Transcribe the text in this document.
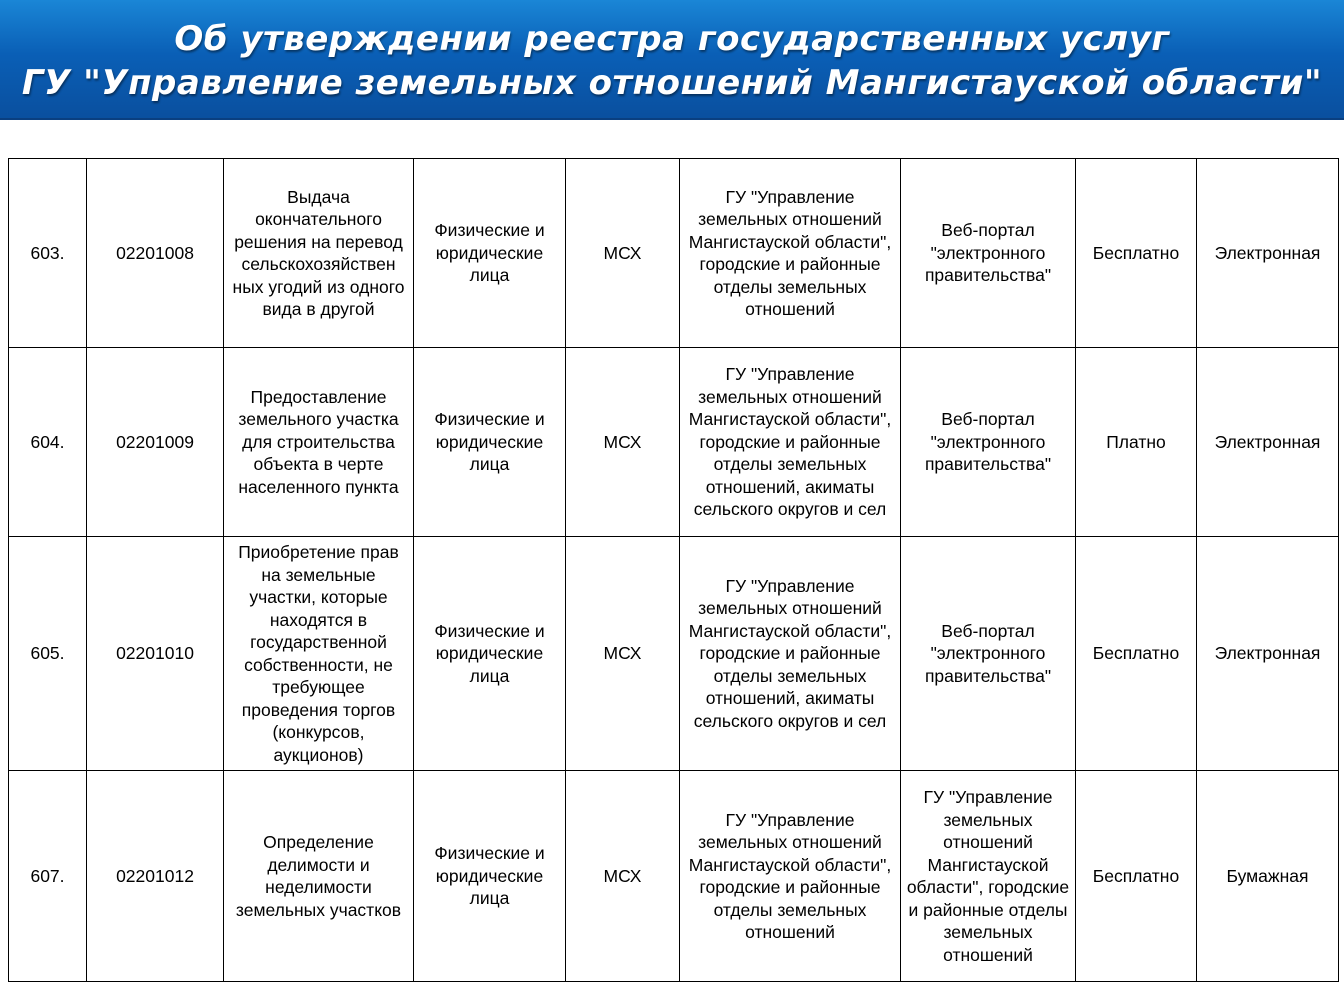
Об утверждении реестра государственных услуг
ГУ "Управление земельных отношений Мангистауской области"
603.	02201008	Выдача окончательного решения на перевод сельскохозяйствен ных угодий из одного вида в другой	Физические и юридические лица	МСХ	ГУ "Управление земельных отношений Мангистауской области", городские и районные отделы земельных отношений	Веб-портал "электронного правительства"	Бесплатно	Электронная
604.	02201009	Предоставление земельного участка для строительства объекта в черте населенного пункта	Физические и юридические лица	МСХ	ГУ "Управление земельных отношений Мангистауской области", городские и районные отделы земельных отношений, акиматы сельского округов и сел	Веб-портал "электронного правительства"	Платно	Электронная
605.	02201010	Приобретение прав на земельные участки, которые находятся в государственной собственности, не требующее проведения торгов (конкурсов, аукционов)	Физические и юридические лица	МСХ	ГУ "Управление земельных отношений Мангистауской области", городские и районные отделы земельных отношений, акиматы сельского округов и сел	Веб-портал "электронного правительства"	Бесплатно	Электронная
607.	02201012	Определение делимости и неделимости земельных участков	Физические и юридические лица	МСХ	ГУ "Управление земельных отношений Мангистауской области", городские и районные отделы земельных отношений	ГУ "Управление земельных отношений Мангистауской области", городские и районные отделы земельных отношений	Бесплатно	Бумажная
